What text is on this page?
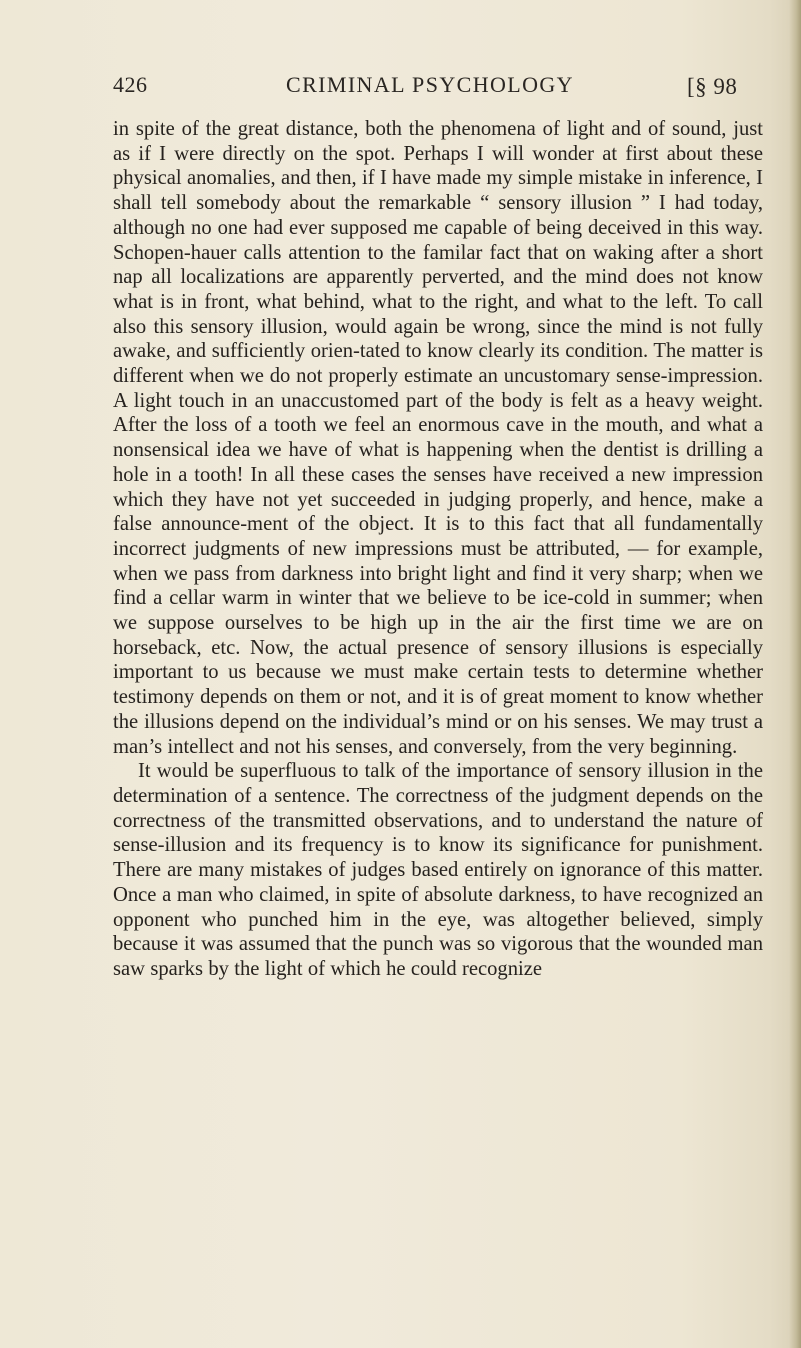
426	CRIMINAL PSYCHOLOGY	[§ 98

in spite of the great distance, both the phenomena of light and of sound, just as if I were directly on the spot. Perhaps I will wonder at first about these physical anomalies, and then, if I have made my simple mistake in inference, I shall tell somebody about the remarkable “ sensory illusion ” I had today, although no one had ever supposed me capable of being deceived in this way. Schopen-hauer calls attention to the familar fact that on waking after a short nap all localizations are apparently perverted, and the mind does not know what is in front, what behind, what to the right, and what to the left. To call also this sensory illusion, would again be wrong, since the mind is not fully awake, and sufficiently orien-tated to know clearly its condition. The matter is different when we do not properly estimate an uncustomary sense-impression. A light touch in an unaccustomed part of the body is felt as a heavy weight. After the loss of a tooth we feel an enormous cave in the mouth, and what a nonsensical idea we have of what is happening when the dentist is drilling a hole in a tooth! In all these cases the senses have received a new impression which they have not yet succeeded in judging properly, and hence, make a false announce-ment of the object. It is to this fact that all fundamentally incorrect judgments of new impressions must be attributed, — for example, when we pass from darkness into bright light and find it very sharp; when we find a cellar warm in winter that we believe to be ice-cold in summer; when we suppose ourselves to be high up in the air the first time we are on horseback, etc. Now, the actual presence of sensory illusions is especially important to us because we must make certain tests to determine whether testimony depends on them or not, and it is of great moment to know whether the illusions depend on the individual’s mind or on his senses. We may trust a man’s intellect and not his senses, and conversely, from the very beginning.

It would be superfluous to talk of the importance of sensory illusion in the determination of a sentence. The correctness of the judgment depends on the correctness of the transmitted observations, and to understand the nature of sense-illusion and its frequency is to know its significance for punishment. There are many mistakes of judges based entirely on ignorance of this matter. Once a man who claimed, in spite of absolute darkness, to have recognized an opponent who punched him in the eye, was altogether believed, simply because it was assumed that the punch was so vigorous that the wounded man saw sparks by the light of which he could recognize
